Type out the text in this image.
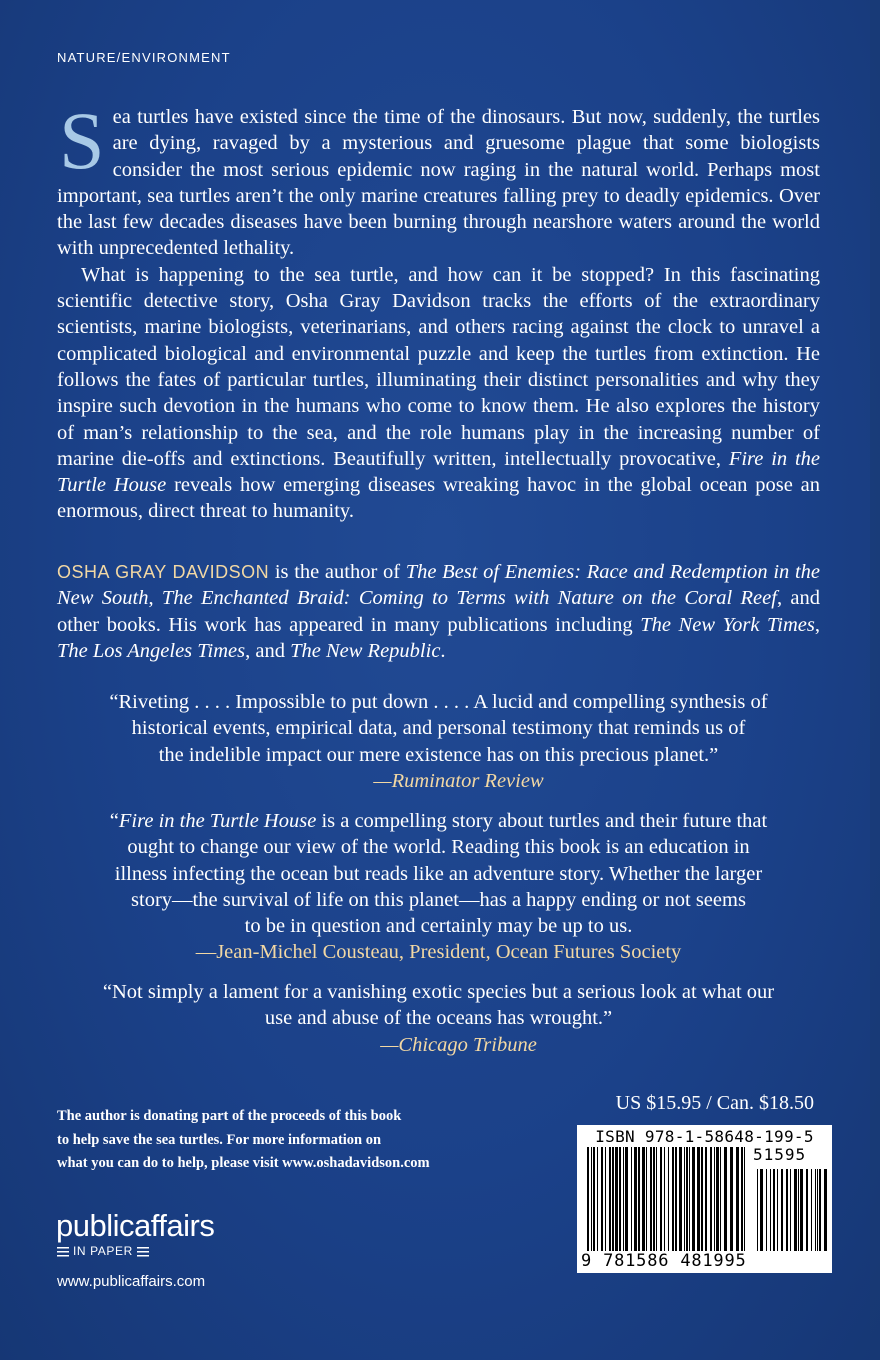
NATURE/ENVIRONMENT

Sea turtles have existed since the time of the dinosaurs. But now, suddenly, the turtles are dying, ravaged by a mysterious and gruesome plague that some biologists consider the most serious epidemic now raging in the natural world. Perhaps most important, sea turtles aren’t the only marine creatures falling prey to deadly epidemics. Over the last few decades diseases have been burning through nearshore waters around the world with unprecedented lethality.

What is happening to the sea turtle, and how can it be stopped? In this fascinating scientific detective story, Osha Gray Davidson tracks the efforts of the extraordinary scientists, marine biologists, veterinarians, and others racing against the clock to unravel a complicated biological and environmental puzzle and keep the turtles from extinction. He follows the fates of particular turtles, illuminating their distinct personalities and why they inspire such devotion in the humans who come to know them. He also explores the history of man’s relationship to the sea, and the role humans play in the increasing number of marine die-offs and extinctions. Beautifully written, intellectually provocative, Fire in the Turtle House reveals how emerging diseases wreaking havoc in the global ocean pose an enormous, direct threat to humanity.

OSHA GRAY DAVIDSON is the author of The Best of Enemies: Race and Redemption in the New South, The Enchanted Braid: Coming to Terms with Nature on the Coral Reef, and other books. His work has appeared in many publications including The New York Times, The Los Angeles Times, and The New Republic.
“Riveting . . . . Impossible to put down . . . . A lucid and compelling synthesis of
historical events, empirical data, and personal testimony that reminds us of
the indelible impact our mere existence has on this precious planet.”
—Ruminator Review
“Fire in the Turtle House is a compelling story about turtles and their future that
ought to change our view of the world. Reading this book is an education in
illness infecting the ocean but reads like an adventure story. Whether the larger
story—the survival of life on this planet—has a happy ending or not seems
to be in question and certainly may be up to us.
—Jean-Michel Cousteau, President, Ocean Futures Society
“Not simply a lament for a vanishing exotic species but a serious look at what our
use and abuse of the oceans has wrought.”
—Chicago Tribune
The author is donating part of the proceeds of this book
to help save the sea turtles. For more information on
what you can do to help, please visit www.oshadavidson.com
US $15.95 / Can. $18.50
ISBN 978-1-58648-199-5
51595
9 781586 481995
publicaffairs
IN PAPER
www.publicaffairs.com
